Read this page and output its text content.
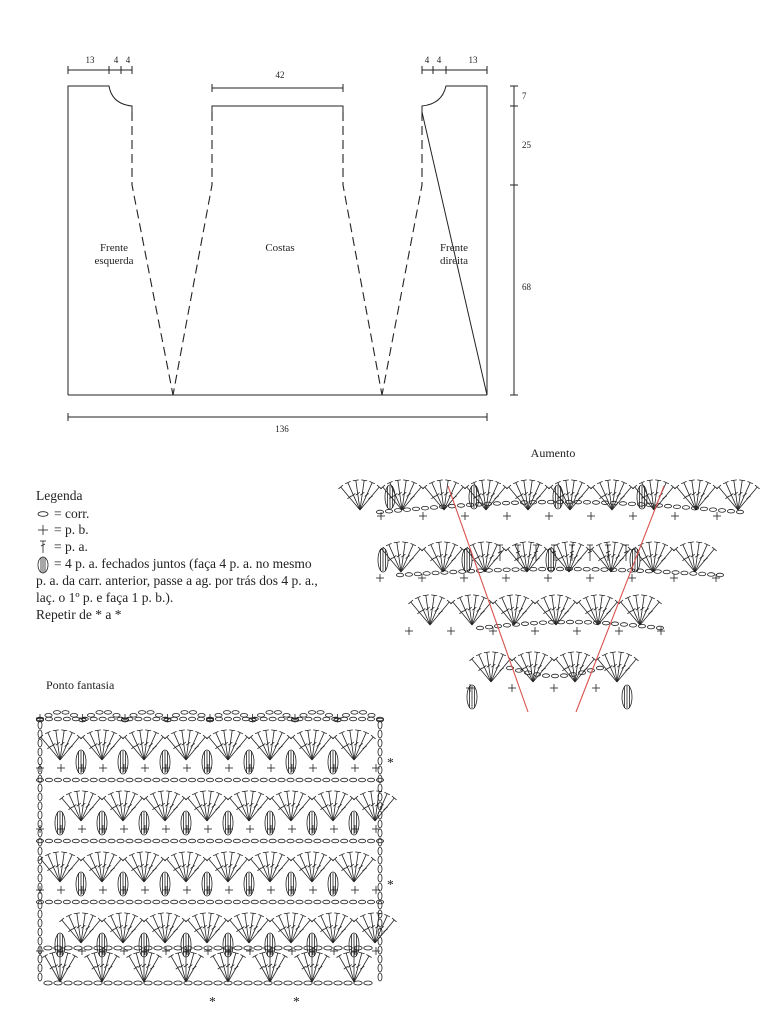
13 4 4	4 4	13
42
7
25
68
136
Frente
esquerda
Costas	Frente
direita
Legenda
= corr.
= p. b.
= p. a.
= 4 p. a. fechados juntos (faça 4 p. a. no mesmo
p. a. da carr. anterior, passe a ag. por trás dos 4 p. a.,
laç. o 1º p. e faça 1 p. b.).
Repetir de * a *
Aumento
Ponto fantasia
*
*
*	*
